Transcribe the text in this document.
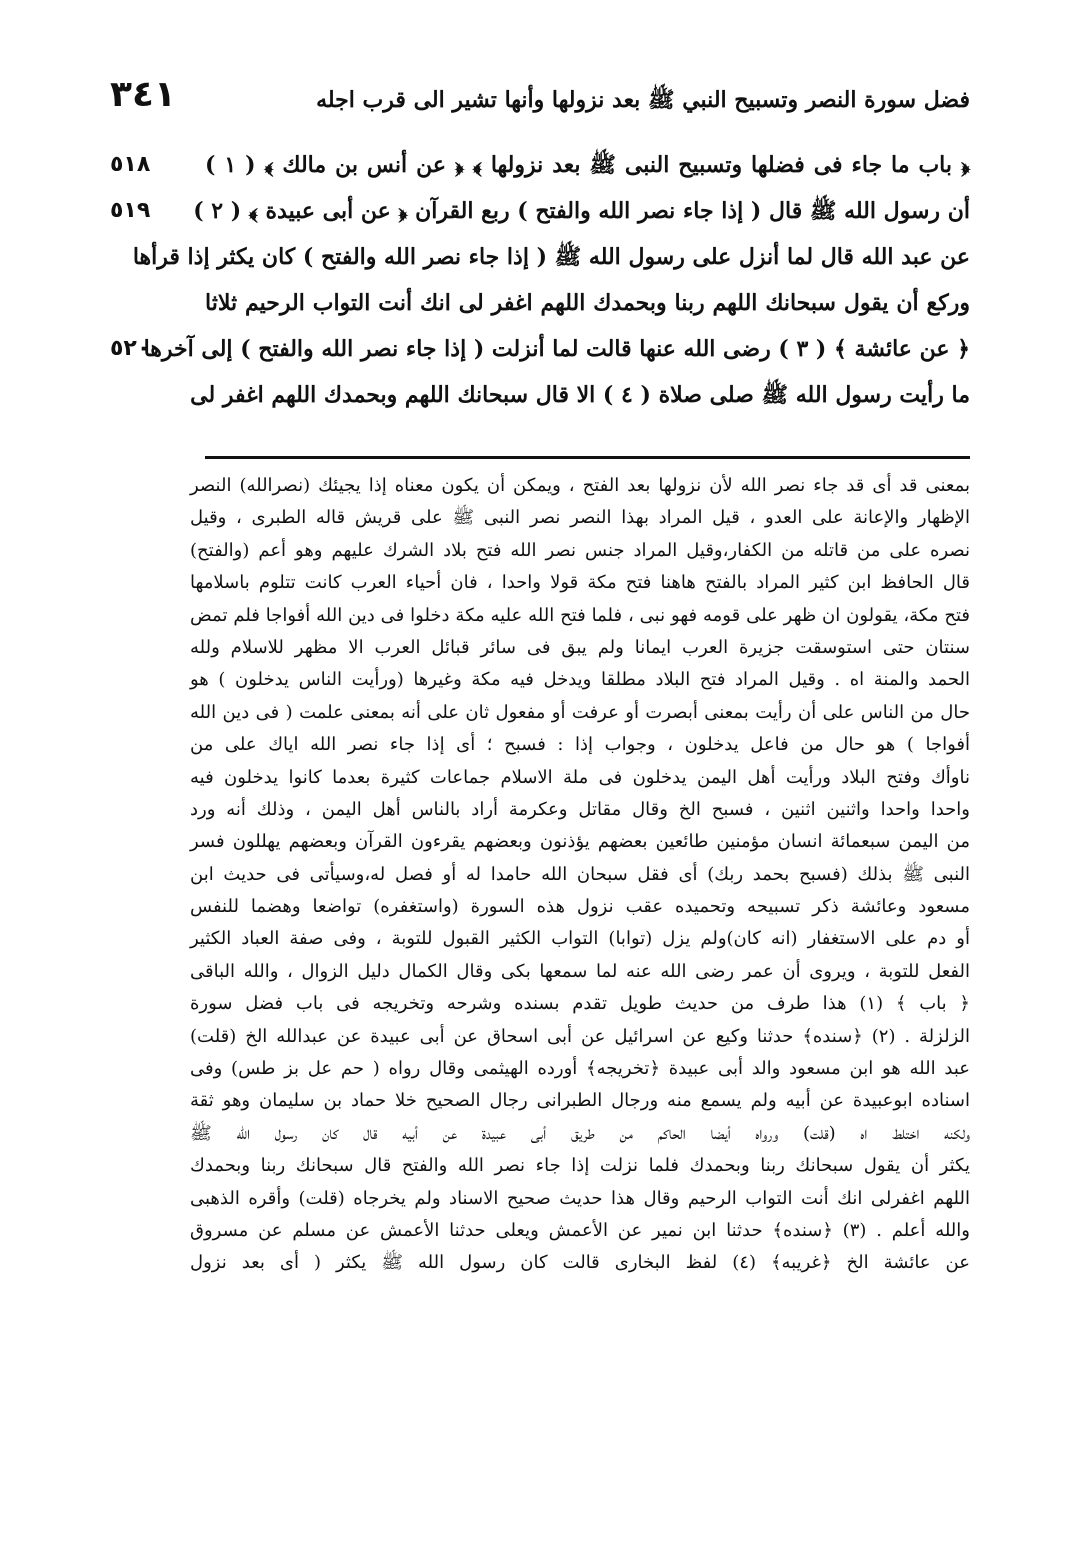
٣٤١	فضل سورة النصر وتسبيح النبي ﷺ بعد نزولها وأنها تشير الى قرب اجله
﴿ باب ما جاء فى فضلها وتسبيح النبى ﷺ بعد نزولها ﴾ ﴿ عن أنس بن مالك ﴾ ( ١ )
أن رسول الله ﷺ قال ( إذا جاء نصر الله والفتح ) ربع القرآن ﴿ عن أبى عبيدة ﴾ ( ٢ )
عن عبد الله قال لما أنزل على رسول الله ﷺ ( إذا جاء نصر الله والفتح ) كان يكثر إذا قرأها
وركع أن يقول سبحانك اللهم ربنا وبحمدك اللهم اغفر لى انك أنت التواب الرحيم ثلاثا
﴿ عن عائشة ﴾ ( ٣ ) رضى الله عنها قالت لما أنزلت ( إذا جاء نصر الله والفتح ) إلى آخرها
ما رأيت رسول الله ﷺ صلى صلاة ( ٤ ) الا قال سبحانك اللهم وبحمدك اللهم اغفر لى
٥١٨
٥١٩
٥٢٠
بمعنى قد أى قد جاء نصر الله لأن نزولها بعد الفتح ، ويمكن أن يكون معناه إذا يجيئك (نصرالله) النصر
الإظهار والإعانة على العدو ، قيل المراد بهذا النصر نصر النبى ﷺ على قريش قاله الطبرى ، وقيل
نصره على من قاتله من الكفار،وقيل المراد جنس نصر الله فتح بلاد الشرك عليهم وهو أعم (والفتح)
قال الحافظ ابن كثير المراد بالفتح هاهنا فتح مكة قولا واحدا ، فان أحياء العرب كانت تتلوم باسلامها
فتح مكة، يقولون ان ظهر على قومه فهو نبى ، فلما فتح الله عليه مكة دخلوا فى دين الله أفواجا فلم تمض
سنتان حتى استوسقت جزيرة العرب ايمانا ولم يبق فى سائر قبائل العرب الا مظهر للاسلام ولله
الحمد والمنة اه . وقيل المراد فتح البلاد مطلقا ويدخل فيه مكة وغيرها (ورأيت الناس يدخلون ) هو
حال من الناس على أن رأيت بمعنى أبصرت أو عرفت أو مفعول ثان على أنه بمعنى علمت ( فى دين الله
أفواجا ) هو حال من فاعل يدخلون ، وجواب إذا : فسبح ؛ أى إذا جاء نصر الله اياك على من
ناوأك وفتح البلاد ورأيت أهل اليمن يدخلون فى ملة الاسلام جماعات كثيرة بعدما كانوا يدخلون فيه
واحدا واحدا واثنين اثنين ، فسبح الخ وقال مقاتل وعكرمة أراد بالناس أهل اليمن ، وذلك أنه ورد
من اليمن سبعمائة انسان مؤمنين طائعين بعضهم يؤذنون وبعضهم يقرءون القرآن وبعضهم يهللون فسر
النبى ﷺ بذلك (فسبح بحمد ربك) أى فقل سبحان الله حامدا له أو فصل له،وسيأتى فى حديث ابن
مسعود وعائشة ذكر تسبيحه وتحميده عقب نزول هذه السورة (واستغفره) تواضعا وهضما للنفس
أو دم على الاستغفار (انه كان)ولم يزل (توابا) التواب الكثير القبول للتوبة ، وفى صفة العباد الكثير
الفعل للتوبة ، ويروى أن عمر رضى الله عنه لما سمعها بكى وقال الكمال دليل الزوال ، والله الباقى
﴿ باب ﴾ (١) هذا طرف من حديث طويل تقدم بسنده وشرحه وتخريجه فى باب فضل سورة
الزلزلة . (٢) ﴿سنده﴾ حدثنا وكيع عن اسرائيل عن أبى اسحاق عن أبى عبيدة عن عبدالله الخ (قلت)
عبد الله هو ابن مسعود والد أبى عبيدة ﴿تخريجه﴾ أورده الهيثمى وقال رواه ( حم عل بز طس) وفى
اسناده ابوعبيدة عن أبيه ولم يسمع منه ورجال الطبرانى رجال الصحيح خلا حماد بن سليمان وهو ثقة
ولكنه اختلط اه (قلت) ورواه أيضا الحاكم من طريق أبى عبيدة عن أبيه قال كان رسول الله ﷺ
يكثر أن يقول سبحانك ربنا وبحمدك فلما نزلت إذا جاء نصر الله والفتح قال سبحانك ربنا وبحمدك
اللهم اغفرلى انك أنت التواب الرحيم وقال هذا حديث صحيح الاسناد ولم يخرجاه (قلت) وأقره الذهبى
والله أعلم . (٣) ﴿سنده﴾ حدثنا ابن نمير عن الأعمش ويعلى حدثنا الأعمش عن مسلم عن مسروق
عن عائشة الخ ﴿غريبه﴾ (٤) لفظ البخارى قالت كان رسول الله ﷺ يكثر ( أى بعد نزول
